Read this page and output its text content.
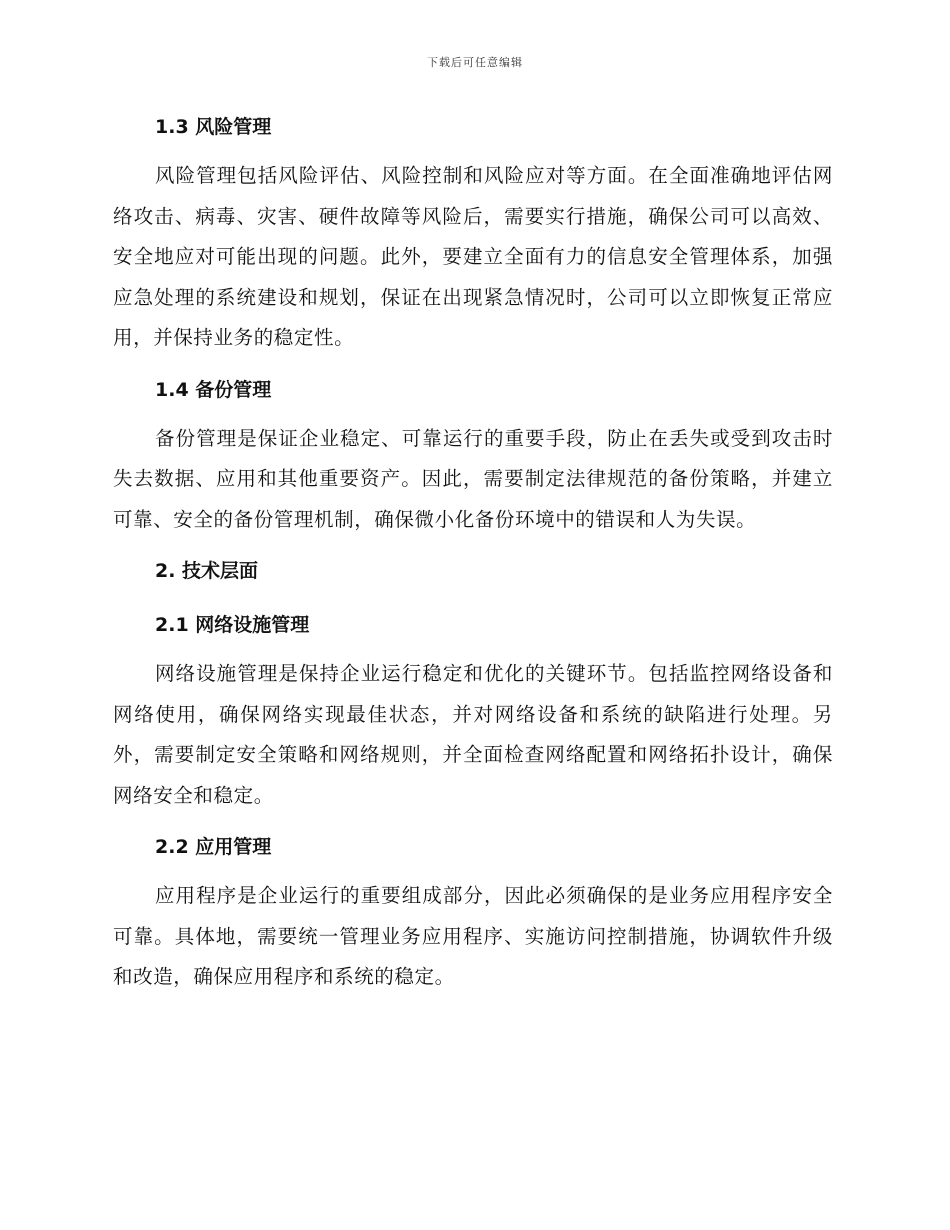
下载后可任意编辑
1.3 风险管理

风险管理包括风险评估、风险控制和风险应对等方面。在全面准确地评估网络攻击、病毒、灾害、硬件故障等风险后，需要实行措施，确保公司可以高效、安全地应对可能出现的问题。此外，要建立全面有力的信息安全管理体系，加强应急处理的系统建设和规划，保证在出现紧急情况时，公司可以立即恢复正常应用，并保持业务的稳定性。

1.4 备份管理

备份管理是保证企业稳定、可靠运行的重要手段，防止在丢失或受到攻击时失去数据、应用和其他重要资产。因此，需要制定法律规范的备份策略，并建立可靠、安全的备份管理机制，确保微小化备份环境中的错误和人为失误。

2. 技术层面
2.1 网络设施管理

网络设施管理是保持企业运行稳定和优化的关键环节。包括监控网络设备和网络使用，确保网络实现最佳状态，并对网络设备和系统的缺陷进行处理。另外，需要制定安全策略和网络规则，并全面检查网络配置和网络拓扑设计，确保网络安全和稳定。

2.2 应用管理

应用程序是企业运行的重要组成部分，因此必须确保的是业务应用程序安全可靠。具体地，需要统一管理业务应用程序、实施访问控制措施，协调软件升级和改造，确保应用程序和系统的稳定。
